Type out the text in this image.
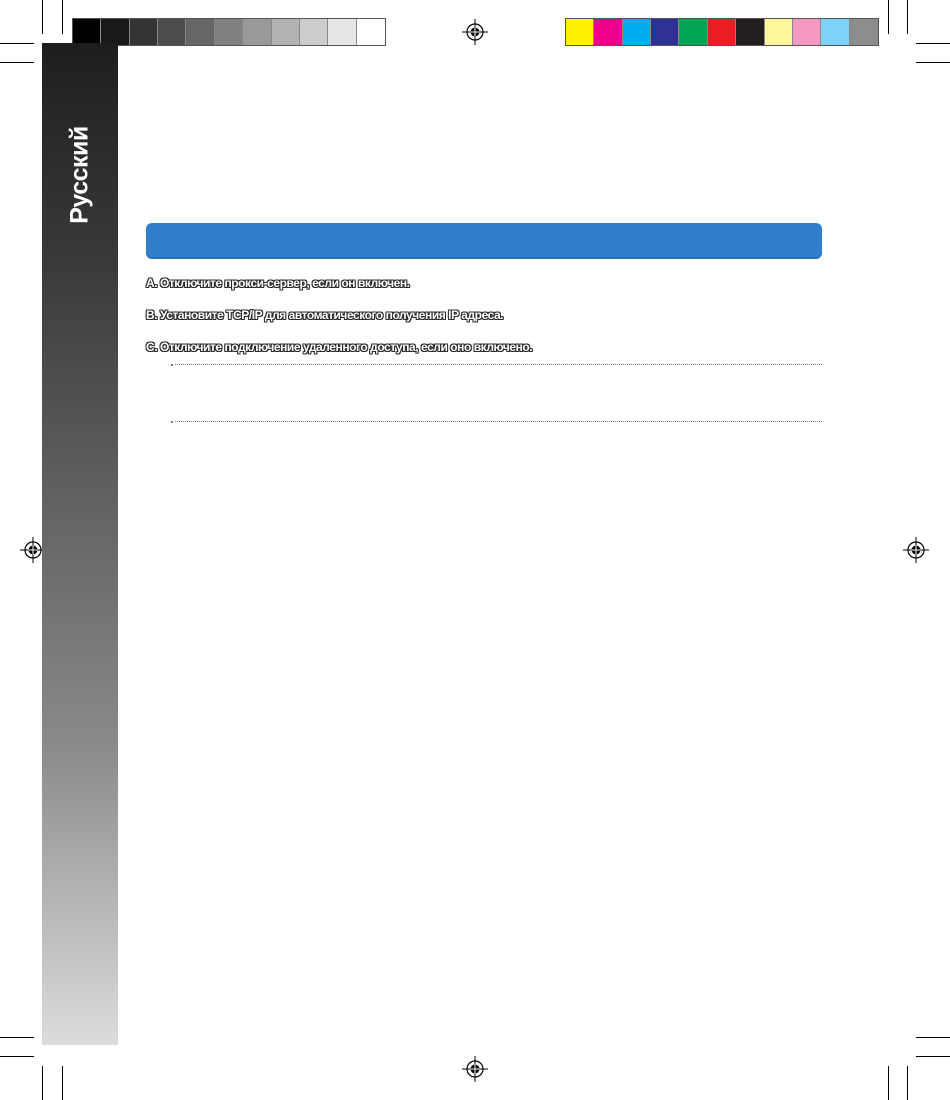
Русский
A. Отключите прокси-сервер, если он включен.
B. Установите TCP/IP для автоматического получения IP адреса.
C. Отключите подключение удаленного доступа, если оно включено.
